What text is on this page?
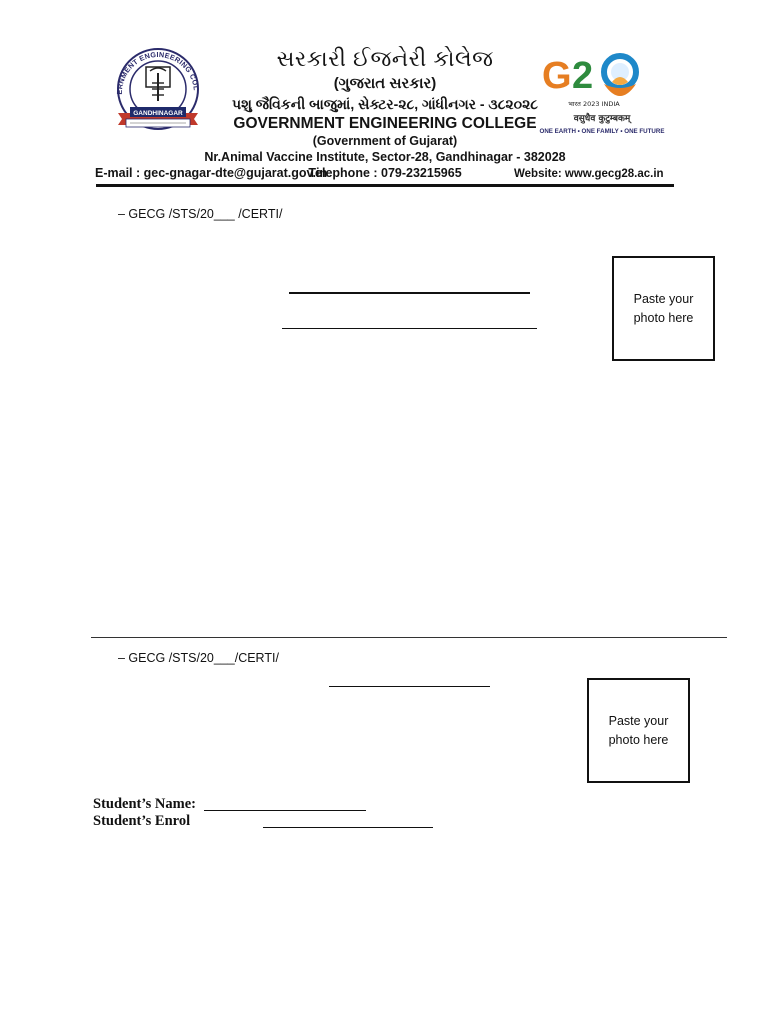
ERNMENT ENGINEERING COL
GANDHINAGAR
સરકારી ઈજનેરી કોલેજ
(ગુજરાત સરકાર)
પશુ જૈવિકની બાજુમાં, સેક્ટર-૨૮, ગાંધીનગર - ૩૮૨૦૨૮
GOVERNMENT ENGINEERING COLLEGE
(Government of Gujarat)
Nr.Animal Vaccine Institute, Sector-28, Gandhinagar - 382028
Telephone : 079-23215965
G 2
भारत 2023 INDIA
वसुधैव कुटुम्बकम्
ONE EARTH • ONE FAMILY • ONE FUTURE
E-mail : gec-gnagar-dte@gujarat.gov.in	Website: www.gecg28.ac.in
– GECG /STS/20___ /CERTI/
Paste your photo here
– GECG /STS/20___/CERTI/
Paste your photo here
Student’s Name:
Student’s Enrol
